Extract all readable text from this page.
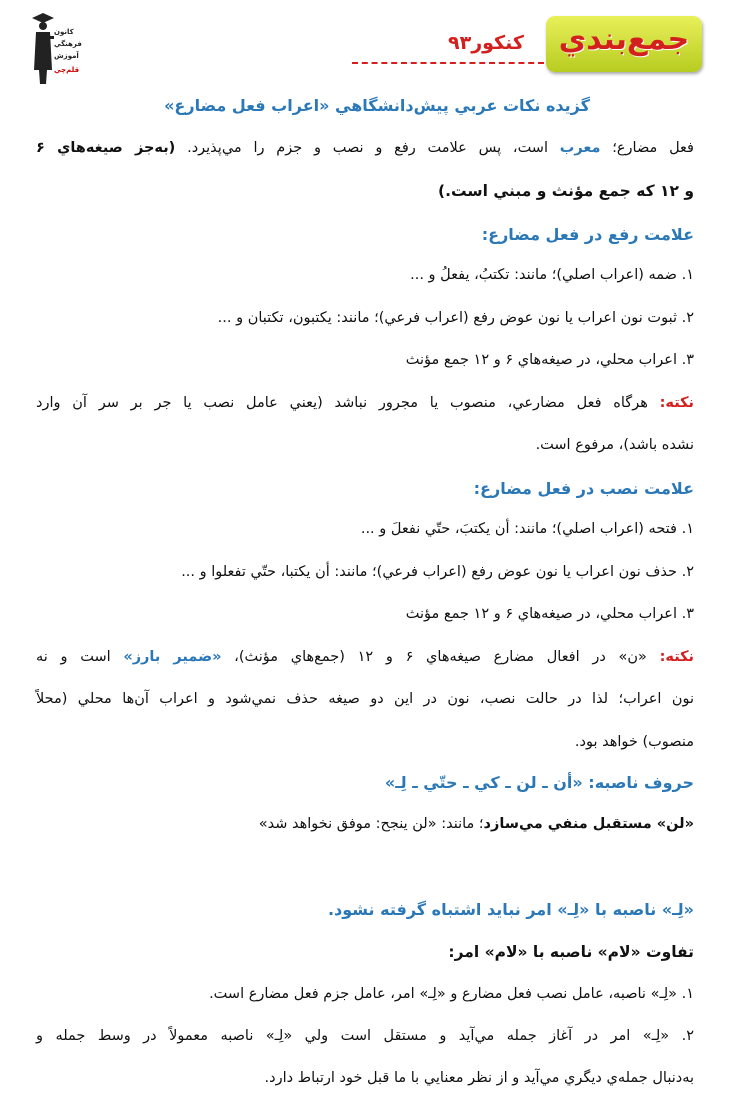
كانون
فرهنگي
آموزش
قلم‌چي
كنكور۹۳	جمع‌بندي
گزيده نكات عربي پيش‌دانشگاهي «اعراب فعل مضارع»
فعل مضارع؛ معرب است، پس علامت رفع و نصب و جزم را مي‌پذيرد. (به‌جز صيغه‌هاي ۶
و ۱۲ كه جمع مؤنث و مبني است.)
علامت رفع در فعل مضارع:
۱. ضمه (اعراب اصلي)؛ مانند: تكتبُ، يفعلُ و ...
۲. ثبوت نون اعراب يا نون عوض رفع (اعراب فرعي)؛ مانند: يكتبون، تكتبان و ...
۳. اعراب محلي، در صيغه‌هاي ۶ و ۱۲ جمع مؤنث
نكته: هرگاه فعل مضارعي، منصوب يا مجرور نباشد (يعني عامل نصب يا جر بر سر آن وارد
نشده باشد)، مرفوع است.
علامت نصب در فعل مضارع:
۱. فتحه (اعراب اصلي)؛ مانند: أن يكتبَ، حتّي نفعلَ و ...
۲. حذف نون اعراب يا نون عوض رفع (اعراب فرعي)؛ مانند: أن يكتبا، حتّي تفعلوا و ...
۳. اعراب محلي، در صيغه‌هاي ۶ و ۱۲ جمع مؤنث
نكته: «ن» در افعال مضارع صيغه‌هاي ۶ و ۱۲ (جمع‌هاي مؤنث)، «ضمير بارز» است و نه
نون اعراب؛ لذا در حالت نصب، نون در اين دو صيغه حذف نمي‌شود و اعراب آن‌ها محلي (محلاً
منصوب) خواهد بود.
حروف ناصبه: «أن ـ لن ـ كي ـ حتّي ـ لِـ»
«لن» مستقبل منفي مي‌سازد؛ مانند: «لن ينجح: موفق نخواهد شد»
«لِـ» ناصبه با «لِـ» امر نبايد اشتباه گرفته نشود.
تفاوت «لام» ناصبه با «لام» امر:
۱. «لِـ» ناصبه، عامل نصب فعل مضارع و «لِـ» امر، عامل جزم فعل مضارع است.
۲. «لِـ» امر در آغاز جمله مي‌آيد و مستقل است ولي «لِـ» ناصبه معمولاً در وسط جمله و
به‌دنبال جمله‌ي ديگري مي‌آيد و از نظر معنايي با ما قبل خود ارتباط دارد.
